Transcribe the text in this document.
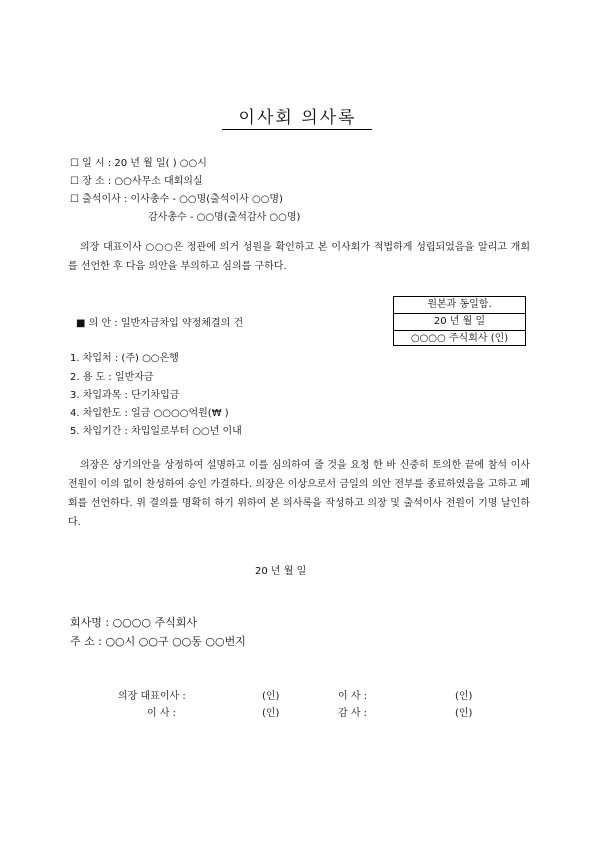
이사회 의사록
☐ 일 시 : 20 년 월 일( ) ○○시
☐ 장 소 : ○○사무소 대회의실
☐ 출석이사 : 이사총수 - ○○명(출석이사 ○○명)
감사총수 - ○○명(출석감사 ○○명)
의장 대표이사 ○○○은 정관에 의거 성원을 확인하고 본 이사회가 적법하게 성립되었음을 알리고 개회를 선언한 후 다음 의안을 부의하고 심의를 구하다.
원본과 동일함.
20 년 월 일
○○○○ 주식회사 (인)
■ 의 안 : 일반자금차입 약정체결의 건
1. 차입처 : (주) ○○은행
2. 용 도 : 일반자금
3. 차입과목 : 단기차입금
4. 차입한도 : 일금 ○○○○억원(₩ )
5. 차입기간 : 차입일로부터 ○○년 이내
의장은 상기의안을 상정하여 설명하고 이를 심의하여 줄 것을 요청 한 바 신중히 토의한 끝에 참석 이사 전원이 이의 없이 찬성하여 승인 가결하다. 의장은 이상으로서 금일의 의안 전부를 종료하였음을 고하고 폐회를 선언하다. 위 결의를 명확히 하기 위하여 본 의사록을 작성하고 의장 및 출석이사 전원이 기명 날인하다.
20 년 월 일
회사명 : ○○○○ 주식회사
주 소 : ○○시 ○○구 ○○동 ○○번지
의장 대표이사 :	(인)	이 사 :	(인)
이 사 :	(인)	감 사 :	(인)
